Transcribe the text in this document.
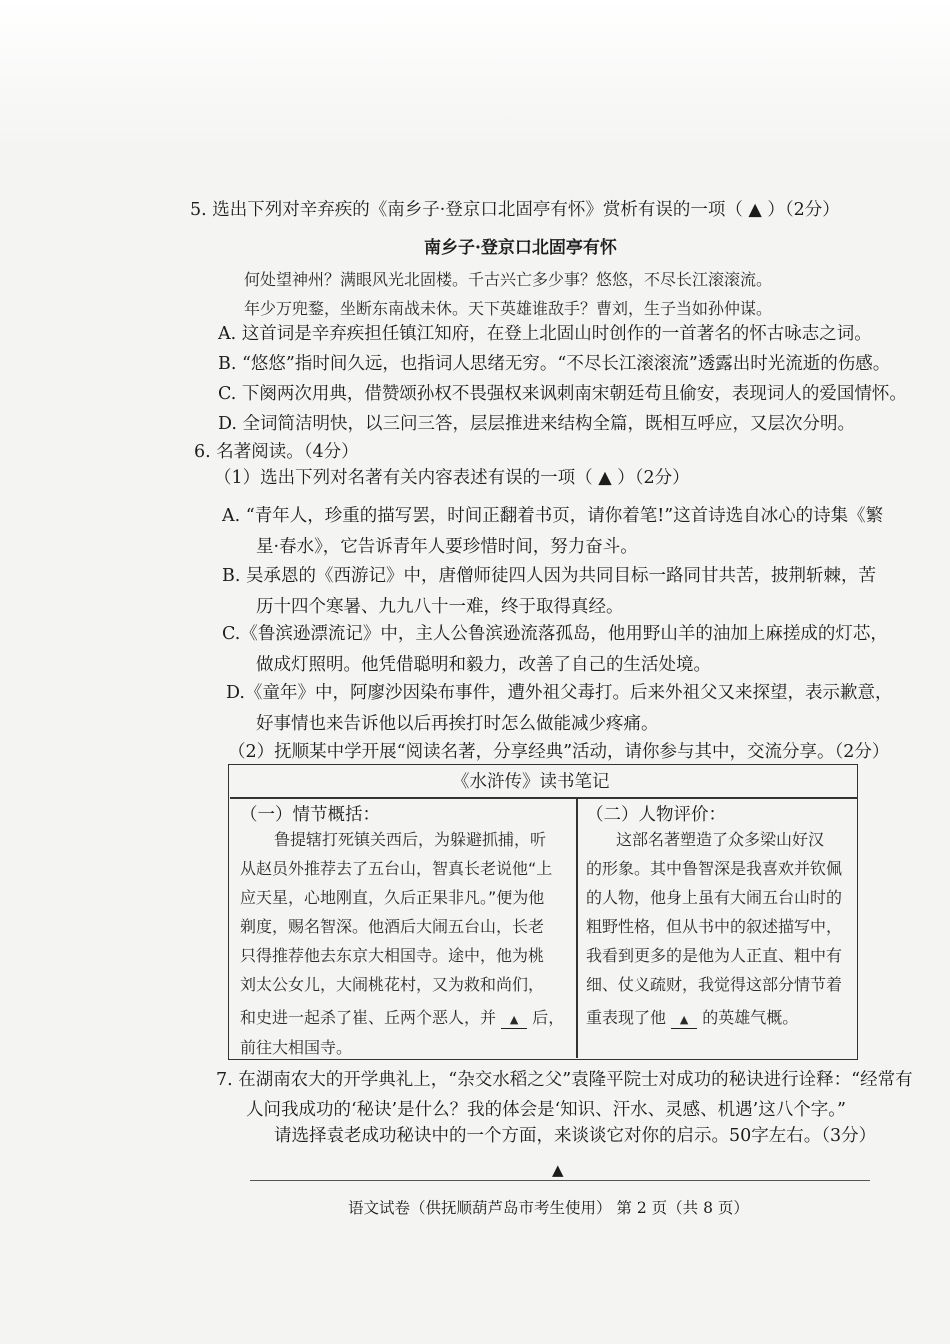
5. 选出下列对辛弃疾的《南乡子·登京口北固亭有怀》赏析有误的一项（ ▲ ）（2分）
南乡子·登京口北固亭有怀
何处望神州？满眼风光北固楼。千古兴亡多少事？悠悠，不尽长江滚滚流。
年少万兜鍪，坐断东南战未休。天下英雄谁敌手？曹刘，生子当如孙仲谋。
A. 这首词是辛弃疾担任镇江知府，在登上北固山时创作的一首著名的怀古咏志之词。
B. “悠悠”指时间久远，也指词人思绪无穷。“不尽长江滚滚流”透露出时光流逝的伤感。
C. 下阕两次用典，借赞颂孙权不畏强权来讽刺南宋朝廷苟且偷安，表现词人的爱国情怀。
D. 全词简洁明快，以三问三答，层层推进来结构全篇，既相互呼应，又层次分明。
6. 名著阅读。（4分）
（1）选出下列对名著有关内容表述有误的一项（ ▲ ）（2分）
A. “青年人，珍重的描写罢，时间正翻着书页，请你着笔!”这首诗选自冰心的诗集《繁
星·春水》，它告诉青年人要珍惜时间，努力奋斗。
B. 吴承恩的《西游记》中，唐僧师徒四人因为共同目标一路同甘共苦，披荆斩棘，苦
历十四个寒暑、九九八十一难，终于取得真经。
C.《鲁滨逊漂流记》中，主人公鲁滨逊流落孤岛，他用野山羊的油加上麻搓成的灯芯，
做成灯照明。他凭借聪明和毅力，改善了自己的生活处境。
D.《童年》中，阿廖沙因染布事件，遭外祖父毒打。后来外祖父又来探望，表示歉意，
好事情也来告诉他以后再挨打时怎么做能减少疼痛。
（2）抚顺某中学开展“阅读名著，分享经典”活动，请你参与其中，交流分享。（2分）
《水浒传》读书笔记
（一）情节概括：
鲁提辖打死镇关西后，为躲避抓捕，听
从赵员外推荐去了五台山，智真长老说他“上
应天星，心地刚直，久后正果非凡。”便为他
剃度，赐名智深。他酒后大闹五台山，长老
只得推荐他去东京大相国寺。途中，他为桃
刘太公女儿，大闹桃花村，又为救和尚们，
和史进一起杀了崔、丘两个恶人，并 ▲ 后，
前往大相国寺。
（二）人物评价：
这部名著塑造了众多梁山好汉
的形象。其中鲁智深是我喜欢并钦佩
的人物，他身上虽有大闹五台山时的
粗野性格，但从书中的叙述描写中，
我看到更多的是他为人正直、粗中有
细、仗义疏财，我觉得这部分情节着
重表现了他 ▲ 的英雄气概。
7. 在湖南农大的开学典礼上，“杂交水稻之父”袁隆平院士对成功的秘诀进行诠释：“经常有
人问我成功的‘秘诀’是什么？我的体会是‘知识、汗水、灵感、机遇’这八个字。”
请选择袁老成功秘诀中的一个方面，来谈谈它对你的启示。50字左右。（3分）
▲
语文试卷（供抚顺葫芦岛市考生使用） 第 2 页（共 8 页）
